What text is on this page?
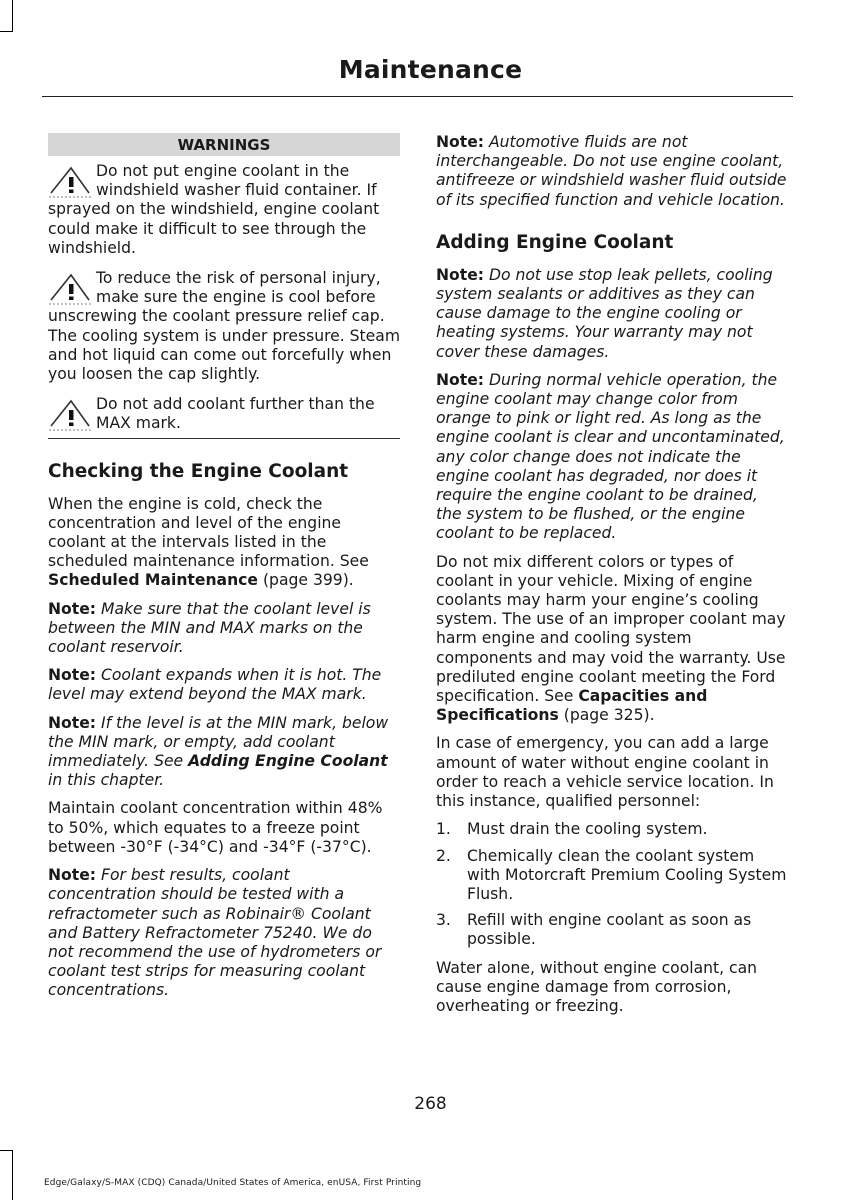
Maintenance
WARNINGS

Do not put engine coolant in the windshield washer fluid container. If sprayed on the windshield, engine coolant could make it difficult to see through the windshield.

To reduce the risk of personal injury, make sure the engine is cool before unscrewing the coolant pressure relief cap. The cooling system is under pressure. Steam and hot liquid can come out forcefully when you loosen the cap slightly.

Do not add coolant further than the MAX mark.

Checking the Engine Coolant

When the engine is cold, check the concentration and level of the engine coolant at the intervals listed in the scheduled maintenance information. See Scheduled Maintenance (page 399).

Note: Make sure that the coolant level is between the MIN and MAX marks on the coolant reservoir.

Note: Coolant expands when it is hot. The level may extend beyond the MAX mark.

Note: If the level is at the MIN mark, below the MIN mark, or empty, add coolant immediately. See Adding Engine Coolant in this chapter.

Maintain coolant concentration within 48% to 50%, which equates to a freeze point between -30°F (-34°C) and -34°F (-37°C).

Note: For best results, coolant concentration should be tested with a refractometer such as Robinair® Coolant and Battery Refractometer 75240. We do not recommend the use of hydrometers or coolant test strips for measuring coolant concentrations.

Note: Automotive fluids are not interchangeable. Do not use engine coolant, antifreeze or windshield washer fluid outside of its specified function and vehicle location.

Adding Engine Coolant

Note: Do not use stop leak pellets, cooling system sealants or additives as they can cause damage to the engine cooling or heating systems. Your warranty may not cover these damages.

Note: During normal vehicle operation, the engine coolant may change color from orange to pink or light red. As long as the engine coolant is clear and uncontaminated, any color change does not indicate the engine coolant has degraded, nor does it require the engine coolant to be drained, the system to be flushed, or the engine coolant to be replaced.

Do not mix different colors or types of coolant in your vehicle. Mixing of engine coolants may harm your engine’s cooling system. The use of an improper coolant may harm engine and cooling system components and may void the warranty. Use prediluted engine coolant meeting the Ford specification. See Capacities and Specifications (page 325).

In case of emergency, you can add a large amount of water without engine coolant in order to reach a vehicle service location. In this instance, qualified personnel:

1.	Must drain the cooling system.
2.	Chemically clean the coolant system with Motorcraft Premium Cooling System Flush.
3.	Refill with engine coolant as soon as possible.

Water alone, without engine coolant, can cause engine damage from corrosion, overheating or freezing.

268
Edge/Galaxy/S-MAX (CDQ) Canada/United States of America, enUSA, First Printing
